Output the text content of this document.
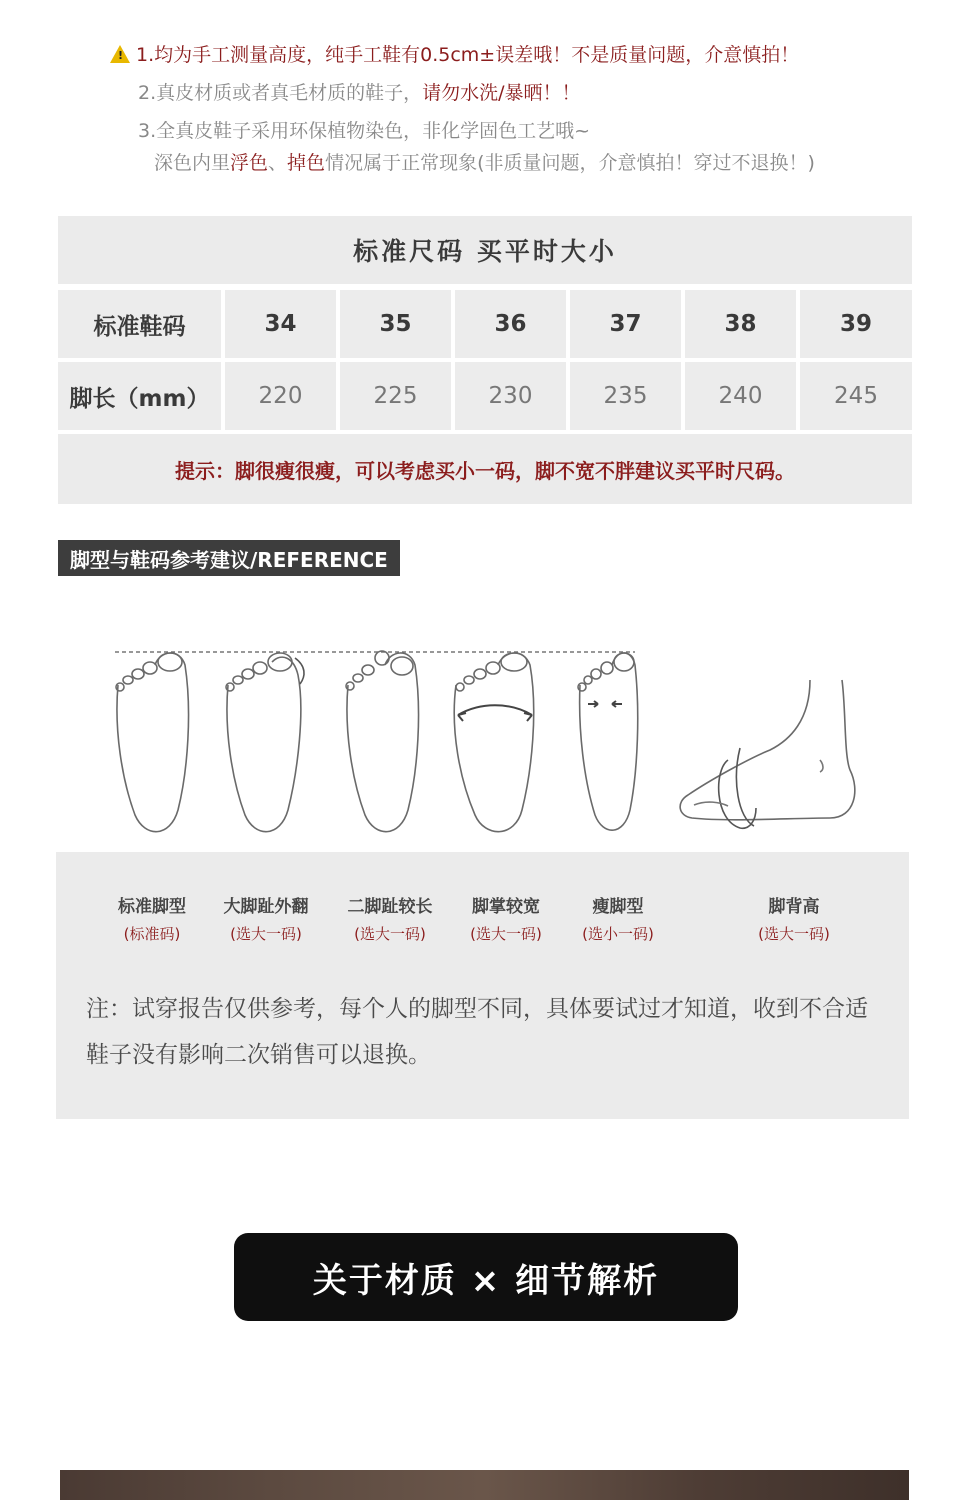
! 1.均为手工测量高度，纯手工鞋有0.5cm±误差哦！不是质量问题，介意慎拍！
2.真皮材质或者真毛材质的鞋子，请勿水洗/暴晒！！
3.全真皮鞋子采用环保植物染色，非化学固色工艺哦~
深色内里浮色、掉色情况属于正常现象(非质量问题，介意慎拍！穿过不退换！)
标准尺码 买平时大小
标准鞋码	34	35	36	37	38	39
脚长（mm）	220	225	230	235	240	245
提示：脚很瘦很瘦，可以考虑买小一码，脚不宽不胖建议买平时尺码。
脚型与鞋码参考建议/REFERENCE
标准脚型
(标准码)
大脚趾外翻
(选大一码)
二脚趾较长
(选大一码)
脚掌较宽
(选大一码)
瘦脚型
(选小一码)
脚背高
(选大一码)
注：试穿报告仅供参考，每个人的脚型不同，具体要试过才知道，收到不合适鞋子没有影响二次销售可以退换。
关于材质 × 细节解析
